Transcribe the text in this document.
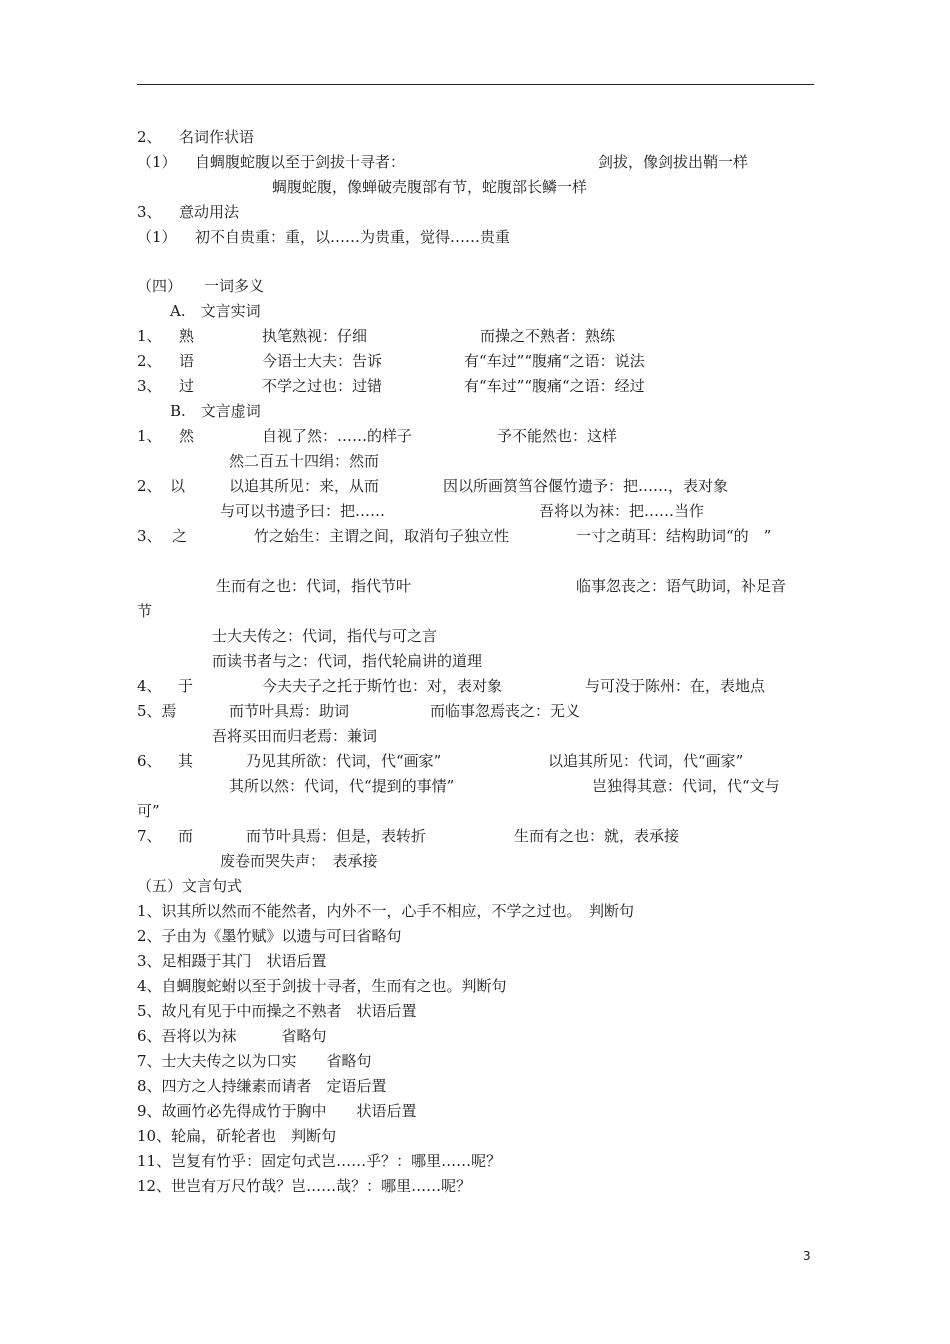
2、 名词作状语
（1） 自蜩腹蛇腹以至于剑拔十寻者：	剑拔，像剑拔出鞘一样
蜩腹蛇腹，像蝉破壳腹部有节，蛇腹部长鳞一样
3、 意动用法
（1） 初不自贵重：重，以……为贵重，觉得……贵重
（四） 一词多义
A.　文言实词
1、 熟	执笔熟视：仔细	而操之不熟者：熟练
2、 语	今语士大夫：告诉	有“车过”“腹痛“之语：说法
3、 过	不学之过也：过错	有“车过”“腹痛“之语：经过
B.　文言虚词
1、 然	自视了然：……的样子	予不能然也：这样
然二百五十四绢：然而
2、 以	以追其所见：来，从而	因以所画筼筜谷偃竹遗予：把……，表对象
与可以书遗予曰：把……	吾将以为袜：把……当作
3、 之	竹之始生：主谓之间，取消句子独立性	一寸之萌耳：结构助词“的　”
生而有之也：代词，指代节叶	临事忽丧之：语气助词，补足音
节
士大夫传之：代词，指代与可之言
而读书者与之：代词，指代轮扁讲的道理
4、 于	今夫夫子之托于斯竹也：对，表对象	与可没于陈州：在，表地点
5、焉	而节叶具焉：助词	而临事忽焉丧之：无义
吾将买田而归老焉：兼词
6、 其	乃见其所欲：代词，代“画家”	以追其所见：代词，代“画家”
其所以然：代词，代“提到的事情”	岂独得其意：代词，代“文与
可”
7、 而	而节叶具焉：但是，表转折	生而有之也：就，表承接
废卷而哭失声：　表承接
（五）文言句式
1、识其所以然而不能然者，内外不一，心手不相应，不学之过也。　判断句
2、子由为《墨竹赋》以遗与可曰省略句
3、足相蹑于其门　状语后置
4、自蜩腹蛇蚹以至于剑拔十寻者，生而有之也。判断句
5、故凡有见于中而操之不熟者　状语后置
6、吾将以为袜　　　省略句
7、士大夫传之以为口实　　省略句
8、四方之人持缣素而请者　定语后置
9、故画竹必先得成竹于胸中　　状语后置
10、轮扁，斫轮者也　判断句
11、岂复有竹乎：固定句式岂……乎？：哪里……呢？
12、世岂有万尺竹哉？岂……哉？：哪里……呢？
3
